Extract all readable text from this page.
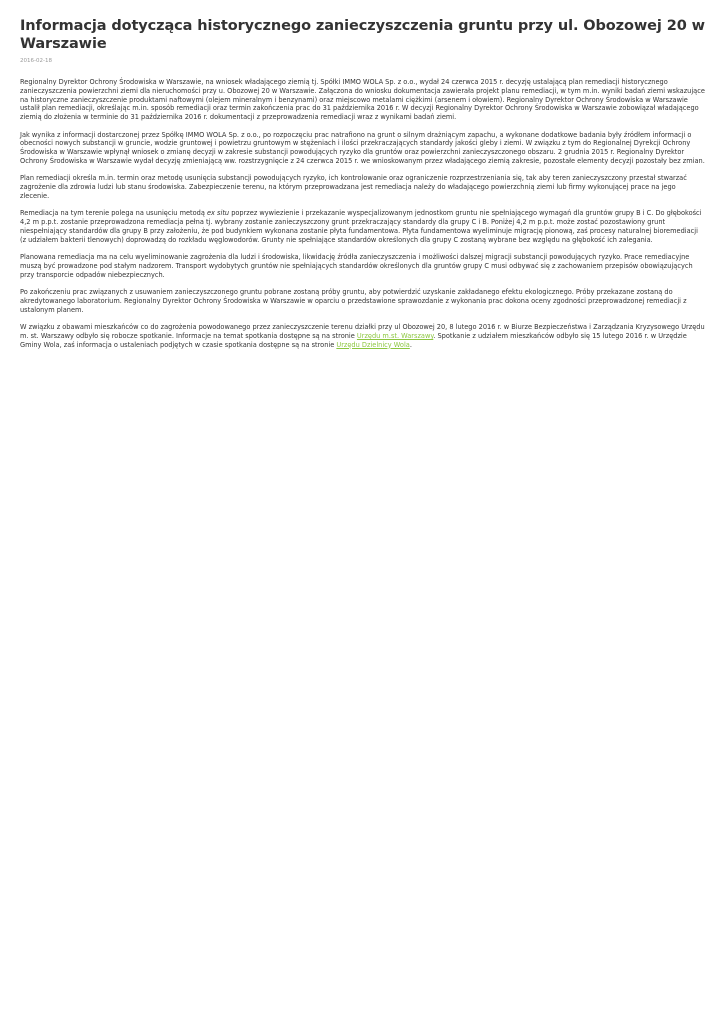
Informacja dotycząca historycznego zanieczyszczenia gruntu przy ul. Obozowej 20 w Warszawie
2016-02-18

Regionalny Dyrektor Ochrony Środowiska w Warszawie, na wniosek władającego ziemią tj. Spółki IMMO WOLA Sp. z o.o., wydał 24 czerwca 2015 r. decyzję ustalającą plan remediacji historycznego zanieczyszczenia powierzchni ziemi dla nieruchomości przy u. Obozowej 20 w Warszawie. Załączona do wniosku dokumentacja zawierała projekt planu remediacji, w tym m.in. wyniki badań ziemi wskazujące na historyczne zanieczyszczenie produktami naftowymi (olejem mineralnym i benzynami) oraz miejscowo metalami ciężkimi (arsenem i ołowiem). Regionalny Dyrektor Ochrony Środowiska w Warszawie ustalił plan remediacji, określając m.in. sposób remediacji oraz termin zakończenia prac do 31 października 2016 r. W decyzji Regionalny Dyrektor Ochrony Środowiska w Warszawie zobowiązał władającego ziemią do złożenia w terminie do 31 października 2016 r. dokumentacji z przeprowadzenia remediacji wraz z wynikami badań ziemi.

Jak wynika z informacji dostarczonej przez Spółkę IMMO WOLA Sp. z o.o., po rozpoczęciu prac natrafiono na grunt o silnym drażniącym zapachu, a wykonane dodatkowe badania były źródłem informacji o obecności nowych substancji w gruncie, wodzie gruntowej i powietrzu gruntowym w stężeniach i ilości przekraczających standardy jakości gleby i ziemi. W związku z tym do Regionalnej Dyrekcji Ochrony Środowiska w Warszawie wpłynął wniosek o zmianę decyzji w zakresie substancji powodujących ryzyko dla gruntów oraz powierzchni zanieczyszczonego obszaru. 2 grudnia 2015 r. Regionalny Dyrektor Ochrony Środowiska w Warszawie wydał decyzję zmieniającą ww. rozstrzygnięcie z 24 czerwca 2015 r. we wnioskowanym przez władającego ziemią zakresie, pozostałe elementy decyzji pozostały bez zmian.

Plan remediacji określa m.in. termin oraz metodę usunięcia substancji powodujących ryzyko, ich kontrolowanie oraz ograniczenie rozprzestrzeniania się, tak aby teren zanieczyszczony przestał stwarzać zagrożenie dla zdrowia ludzi lub stanu środowiska. Zabezpieczenie terenu, na którym przeprowadzana jest remediacja należy do władającego powierzchnią ziemi lub firmy wykonującej prace na jego zlecenie.

Remediacja na tym terenie polega na usunięciu metodą ex situ poprzez wywiezienie i przekazanie wyspecjalizowanym jednostkom gruntu nie spełniającego wymagań dla gruntów grupy B i C. Do głębokości 4,2 m p.p.t. zostanie przeprowadzona remediacja pełna tj. wybrany zostanie zanieczyszczony grunt przekraczający standardy dla grupy C i B. Poniżej 4,2 m p.p.t. może zostać pozostawiony grunt niespełniający standardów dla grupy B przy założeniu, że pod budynkiem wykonana zostanie płyta fundamentowa. Płyta fundamentowa wyeliminuje migrację pionową, zaś procesy naturalnej bioremediacji (z udziałem bakterii tlenowych) doprowadzą do rozkładu węglowodorów. Grunty nie spełniające standardów określonych dla grupy C zostaną wybrane bez względu na głębokość ich zalegania.

Planowana remediacja ma na celu wyeliminowanie zagrożenia dla ludzi i środowiska, likwidację źródła zanieczyszczenia i możliwości dalszej migracji substancji powodujących ryzyko. Prace remediacyjne muszą być prowadzone pod stałym nadzorem. Transport wydobytych gruntów nie spełniających standardów określonych dla gruntów grupy C musi odbywać się z zachowaniem przepisów obowiązujących przy transporcie odpadów niebezpiecznych.

Po zakończeniu prac związanych z usuwaniem zanieczyszczonego gruntu pobrane zostaną próby gruntu, aby potwierdzić uzyskanie zakładanego efektu ekologicznego. Próby przekazane zostaną do akredytowanego laboratorium. Regionalny Dyrektor Ochrony Środowiska w Warszawie w oparciu o przedstawione sprawozdanie z wykonania prac dokona oceny zgodności przeprowadzonej remediacji z ustalonym planem.

W związku z obawami mieszkańców co do zagrożenia powodowanego przez zanieczyszczenie terenu działki przy ul Obozowej 20, 8 lutego 2016 r. w Biurze Bezpieczeństwa i Zarządzania Kryzysowego Urzędu m. st. Warszawy odbyło się robocze spotkanie. Informacje na temat spotkania dostępne są na stronie Urzędu m.st. Warszawy. Spotkanie z udziałem mieszkańców odbyło się 15 lutego 2016 r. w Urzędzie Gminy Wola, zaś informacja o ustaleniach podjętych w czasie spotkania dostępne są na stronie Urzędu Dzielnicy Wola.
